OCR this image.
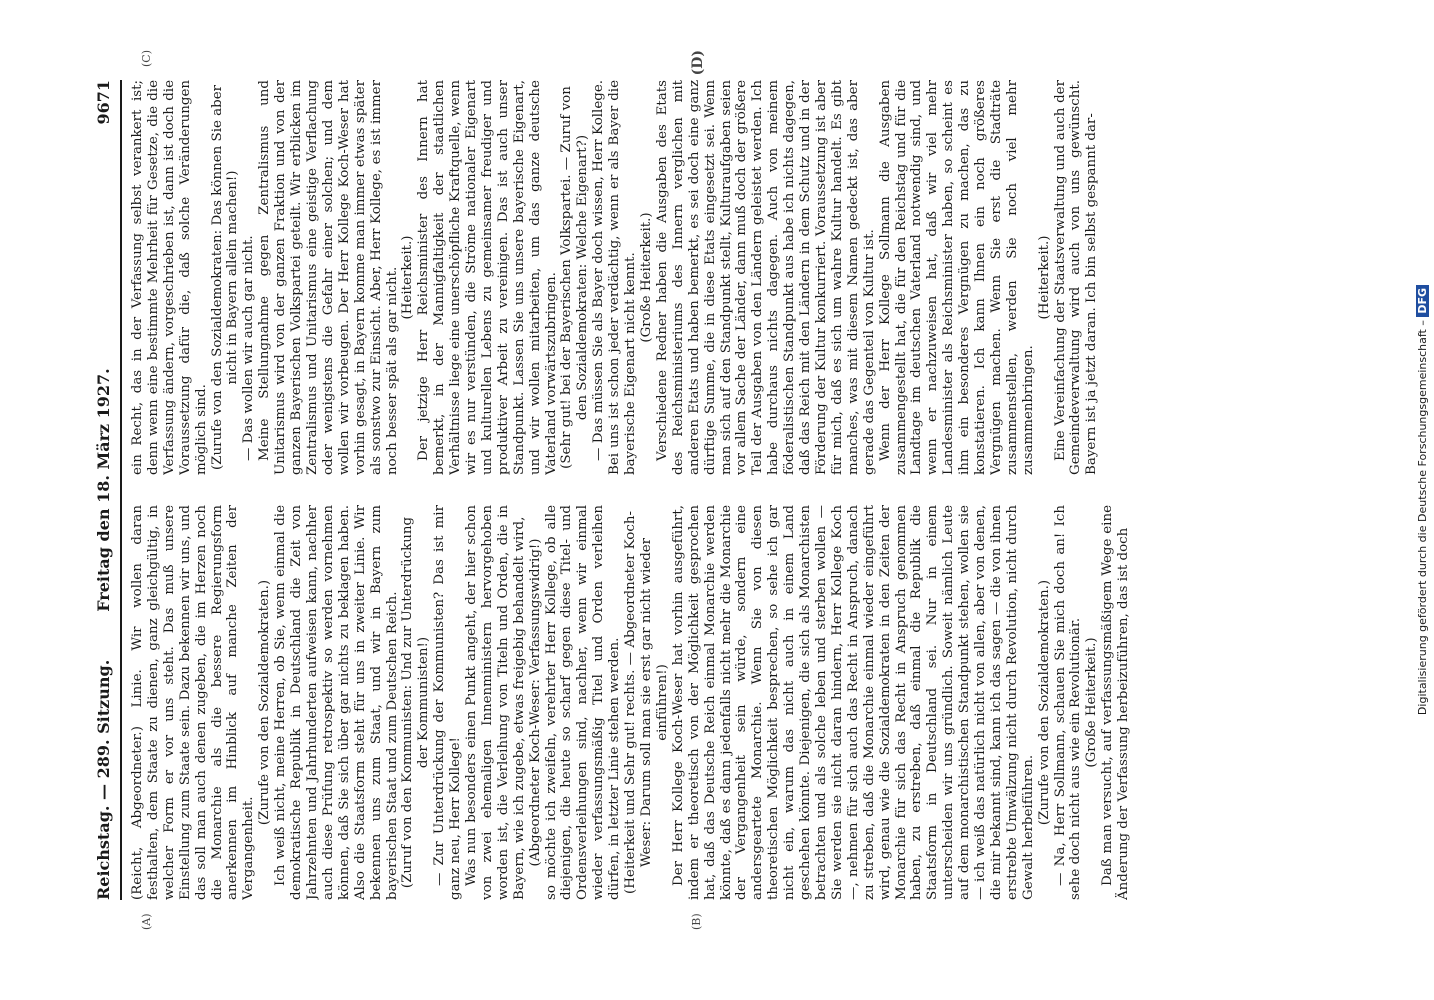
Reichstag. — 289. Sitzung.
Freitag den 18. März 1927.
9671
(A)	(B)
(C)	(D)

(Reicht, Abgeordneter.) Linie. Wir wollen daran festhalten, dem Staate zu dienen, ganz gleichgültig, in welcher Form er vor uns steht. Das muß unsere Einstellung zum Staate sein. Dazu bekennen wir uns, und das soll man auch denen zugeben, die im Herzen noch die Monarchie als die bessere Regierungsform anerkennen im Hinblick auf manche Zeiten der Vergangenheit.

(Zurufe von den Sozialdemokraten.) Ich weiß nicht, meine Herren, ob Sie, wenn einmal die demokratische Republik in Deutschland die Zeit von Jahrzehnten und Jahrhunderten aufweisen kann, nachher auch diese Prüfung retrospektiv so werden vornehmen können, daß Sie sich über gar nichts zu beklagen haben. Also die Staatsform steht für uns in zweiter Linie. Wir bekennen uns zum Staat, und wir in Bayern zum bayerischen Staat und zum Deutschen Reich. (Zuruf von den Kommunisten: Und zur Unterdrückung der Kommunisten!) — Zur Unterdrückung der Kommunisten? Das ist mir ganz neu, Herr Kollege! Was nun besonders einen Punkt angeht, der hier schon von zwei ehemaligen Innenministern hervorgehoben worden ist, die Verleihung von Titeln und Orden, die in Bayern, wie ich zugebe, etwas freigebig behandelt wird, (Abgeordneter Koch-Weser: Verfassungswidrig!) so möchte ich zweifeln, verehrter Herr Kollege, ob alle diejenigen, die heute so scharf gegen diese Titel- und Ordensverleihungen sind, nachher, wenn wir einmal wieder verfassungsmäßig Titel und Orden verleihen dürfen, in letzter Linie stehen werden. (Heiterkeit und Sehr gut! rechts. — Abgeordneter Koch-Weser: Darum soll man sie erst gar nicht wieder einführen!) Der Herr Kollege Koch-Weser hat vorhin ausgeführt, indem er theoretisch von der Möglichkeit gesprochen hat, daß das Deutsche Reich einmal Monarchie werden könnte, daß es dann jedenfalls nicht mehr die Monarchie der Vergangenheit sein würde, sondern eine andersgeartete Monarchie. Wenn Sie von diesen theoretischen Möglichkeit besprechen, so sehe ich gar nicht ein, warum das nicht auch in einem Land geschehen könnte. Diejenigen, die sich als Monarchisten betrachten und als solche leben und sterben wollen — Sie werden sie nicht daran hindern, Herr Kollege Koch —, nehmen für sich auch das Recht in Anspruch, danach zu streben, daß die Monarchie einmal wieder eingeführt wird, genau wie die Sozialdemokraten in den Zeiten der Monarchie für sich das Recht in Anspruch genommen haben, zu erstreben, daß einmal die Republik die Staatsform in Deutschland sei. Nur in einem unterscheiden wir uns gründlich. Soweit nämlich Leute auf dem monarchistischen Standpunkt stehen, wollen sie — ich weiß das natürlich nicht von allen, aber von denen, die mir bekannt sind, kann ich das sagen — die von ihnen erstrebte Umwälzung nicht durch Revolution, nicht durch Gewalt herbeiführen.

(Zurufe von den Sozialdemokraten.) — Na, Herr Sollmann, schauen Sie mich doch an! Ich sehe doch nicht aus wie ein Revolutionär. (Große Heiterkeit.) Daß man versucht, auf verfassungsmäßigem Wege eine Änderung der Verfassung herbeizuführen, das ist doch

ein Recht, das in der Verfassung selbst verankert ist; denn wenn eine bestimmte Mehrheit für Gesetze, die die Verfassung ändern, vorgeschrieben ist, dann ist doch die Voraussetzung dafür die, daß solche Veränderungen möglich sind. (Zurufe von den Sozialdemokraten: Das können Sie aber nicht in Bayern allein machen!) — Das wollen wir auch gar nicht. Meine Stellungnahme gegen Zentralismus und Unitarismus wird von der ganzen Fraktion und von der ganzen Bayerischen Volkspartei geteilt. Wir erblicken im Zentralismus und Unitarismus eine geistige Verflachung oder wenigstens die Gefahr einer solchen; und dem wollen wir vorbeugen. Der Herr Kollege Koch-Weser hat vorhin gesagt, in Bayern komme man immer etwas später als sonstwo zur Einsicht. Aber, Herr Kollege, es ist immer noch besser spät als gar nicht. (Heiterkeit.) Der jetzige Herr Reichsminister des Innern hat bemerkt, in der Mannigfaltigkeit der staatlichen Verhältnisse liege eine unerschöpfliche Kraftquelle, wenn wir es nur verstünden, die Ströme nationaler Eigenart und kulturellen Lebens zu gemeinsamer freudiger und produktiver Arbeit zu vereinigen. Das ist auch unser Standpunkt. Lassen Sie uns unsere bayerische Eigenart, und wir wollen mitarbeiten, um das ganze deutsche Vaterland vorwärtszubringen. (Sehr gut! bei der Bayerischen Volkspartei. — Zuruf von den Sozialdemokraten: Welche Eigenart?) — Das müssen Sie als Bayer doch wissen, Herr Kollege. Bei uns ist schon jeder verdächtig, wenn er als Bayer die bayerische Eigenart nicht kennt. (Große Heiterkeit.) Verschiedene Redner haben die Ausgaben des Etats des Reichsministeriums des Innern verglichen mit anderen Etats und haben bemerkt, es sei doch eine ganz dürftige Summe, die in diese Etats eingesetzt sei. Wenn man sich auf den Standpunkt stellt, Kulturaufgaben seien vor allem Sache der Länder, dann muß doch der größere Teil der Ausgaben von den Ländern geleistet werden. Ich habe durchaus nichts dagegen. Auch von meinem föderalistischen Standpunkt aus habe ich nichts dagegen, daß das Reich mit den Ländern in dem Schutz und in der Förderung der Kultur konkurriert. Voraussetzung ist aber für mich, daß es sich um wahre Kultur handelt. Es gibt manches, was mit diesem Namen gedeckt ist, das aber gerade das Gegenteil von Kultur ist. Wenn der Herr Kollege Sollmann die Ausgaben zusammengestellt hat, die für den Reichstag und für die Landtage im deutschen Vaterland notwendig sind, und wenn er nachzuweisen hat, daß wir viel mehr Landesminister als Reichsminister haben, so scheint es ihm ein besonderes Vergnügen zu machen, das zu konstatieren. Ich kann Ihnen ein noch größeres Vergnügen machen. Wenn Sie erst die Stadträte zusammenstellen, werden Sie noch viel mehr zusammenbringen.

(Heiterkeit.) Eine Vereinfachung der Staatsverwaltung und auch der Gemeindeverwaltung wird auch von uns gewünscht. Bayern ist ja jetzt daran. Ich bin selbst gespannt dar-

Digitalisierung gefördert durch die Deutsche Forschungsgemeinschaft – DFG
